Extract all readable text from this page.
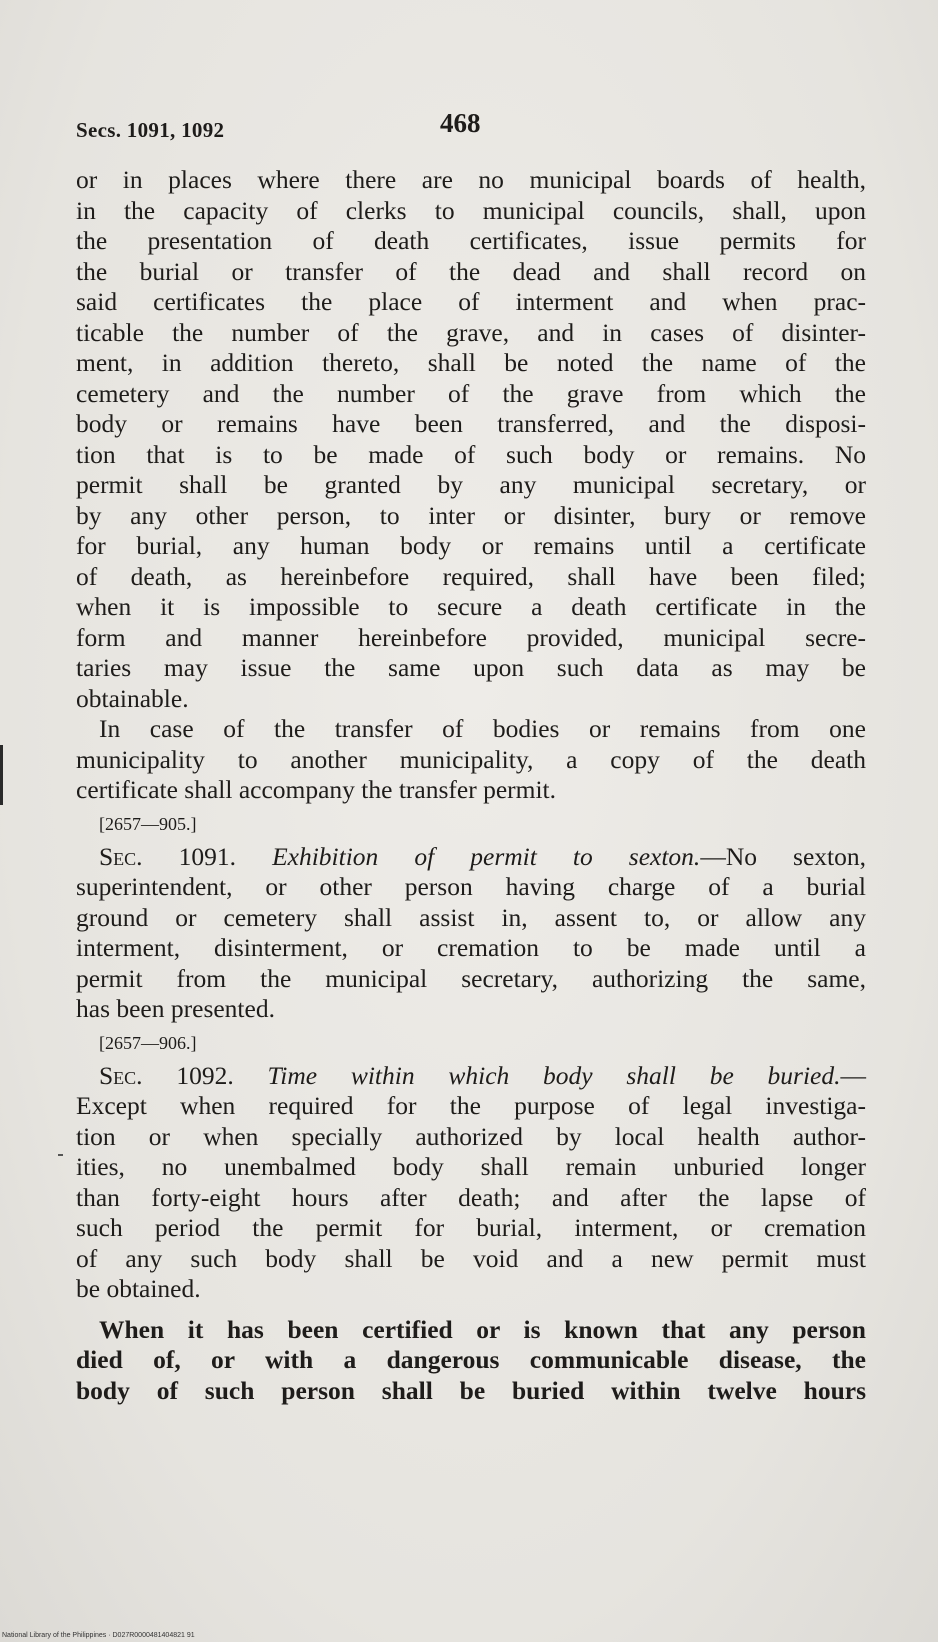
Secs. 1091, 1092	468
or in places where there are no municipal boards of health,
in the capacity of clerks to municipal councils, shall, upon
the presentation of death certificates, issue permits for
the burial or transfer of the dead and shall record on
said certificates the place of interment and when prac-
ticable the number of the grave, and in cases of disinter-
ment, in addition thereto, shall be noted the name of the
cemetery and the number of the grave from which the
body or remains have been transferred, and the disposi-
tion that is to be made of such body or remains. No
permit shall be granted by any municipal secretary, or
by any other person, to inter or disinter, bury or remove
for burial, any human body or remains until a certificate
of death, as hereinbefore required, shall have been filed;
when it is impossible to secure a death certificate in the
form and manner hereinbefore provided, municipal secre-
taries may issue the same upon such data as may be
obtainable.
In case of the transfer of bodies or remains from one
municipality to another municipality, a copy of the death
certificate shall accompany the transfer permit.
[2657—905.]
Sec. 1091. Exhibition of permit to sexton.—No sexton,
superintendent, or other person having charge of a burial
ground or cemetery shall assist in, assent to, or allow any
interment, disinterment, or cremation to be made until a
permit from the municipal secretary, authorizing the same,
has been presented.
[2657—906.]
Sec. 1092. Time within which body shall be buried.—
Except when required for the purpose of legal investiga-
tion or when specially authorized by local health author-
ities, no unembalmed body shall remain unburied longer
than forty-eight hours after death; and after the lapse of
such period the permit for burial, interment, or cremation
of any such body shall be void and a new permit must
be obtained.
When it has been certified or is known that any person
died of, or with a dangerous communicable disease, the
body of such person shall be buried within twelve hours
National Library of the Philippines · D027R0000481404821 91
